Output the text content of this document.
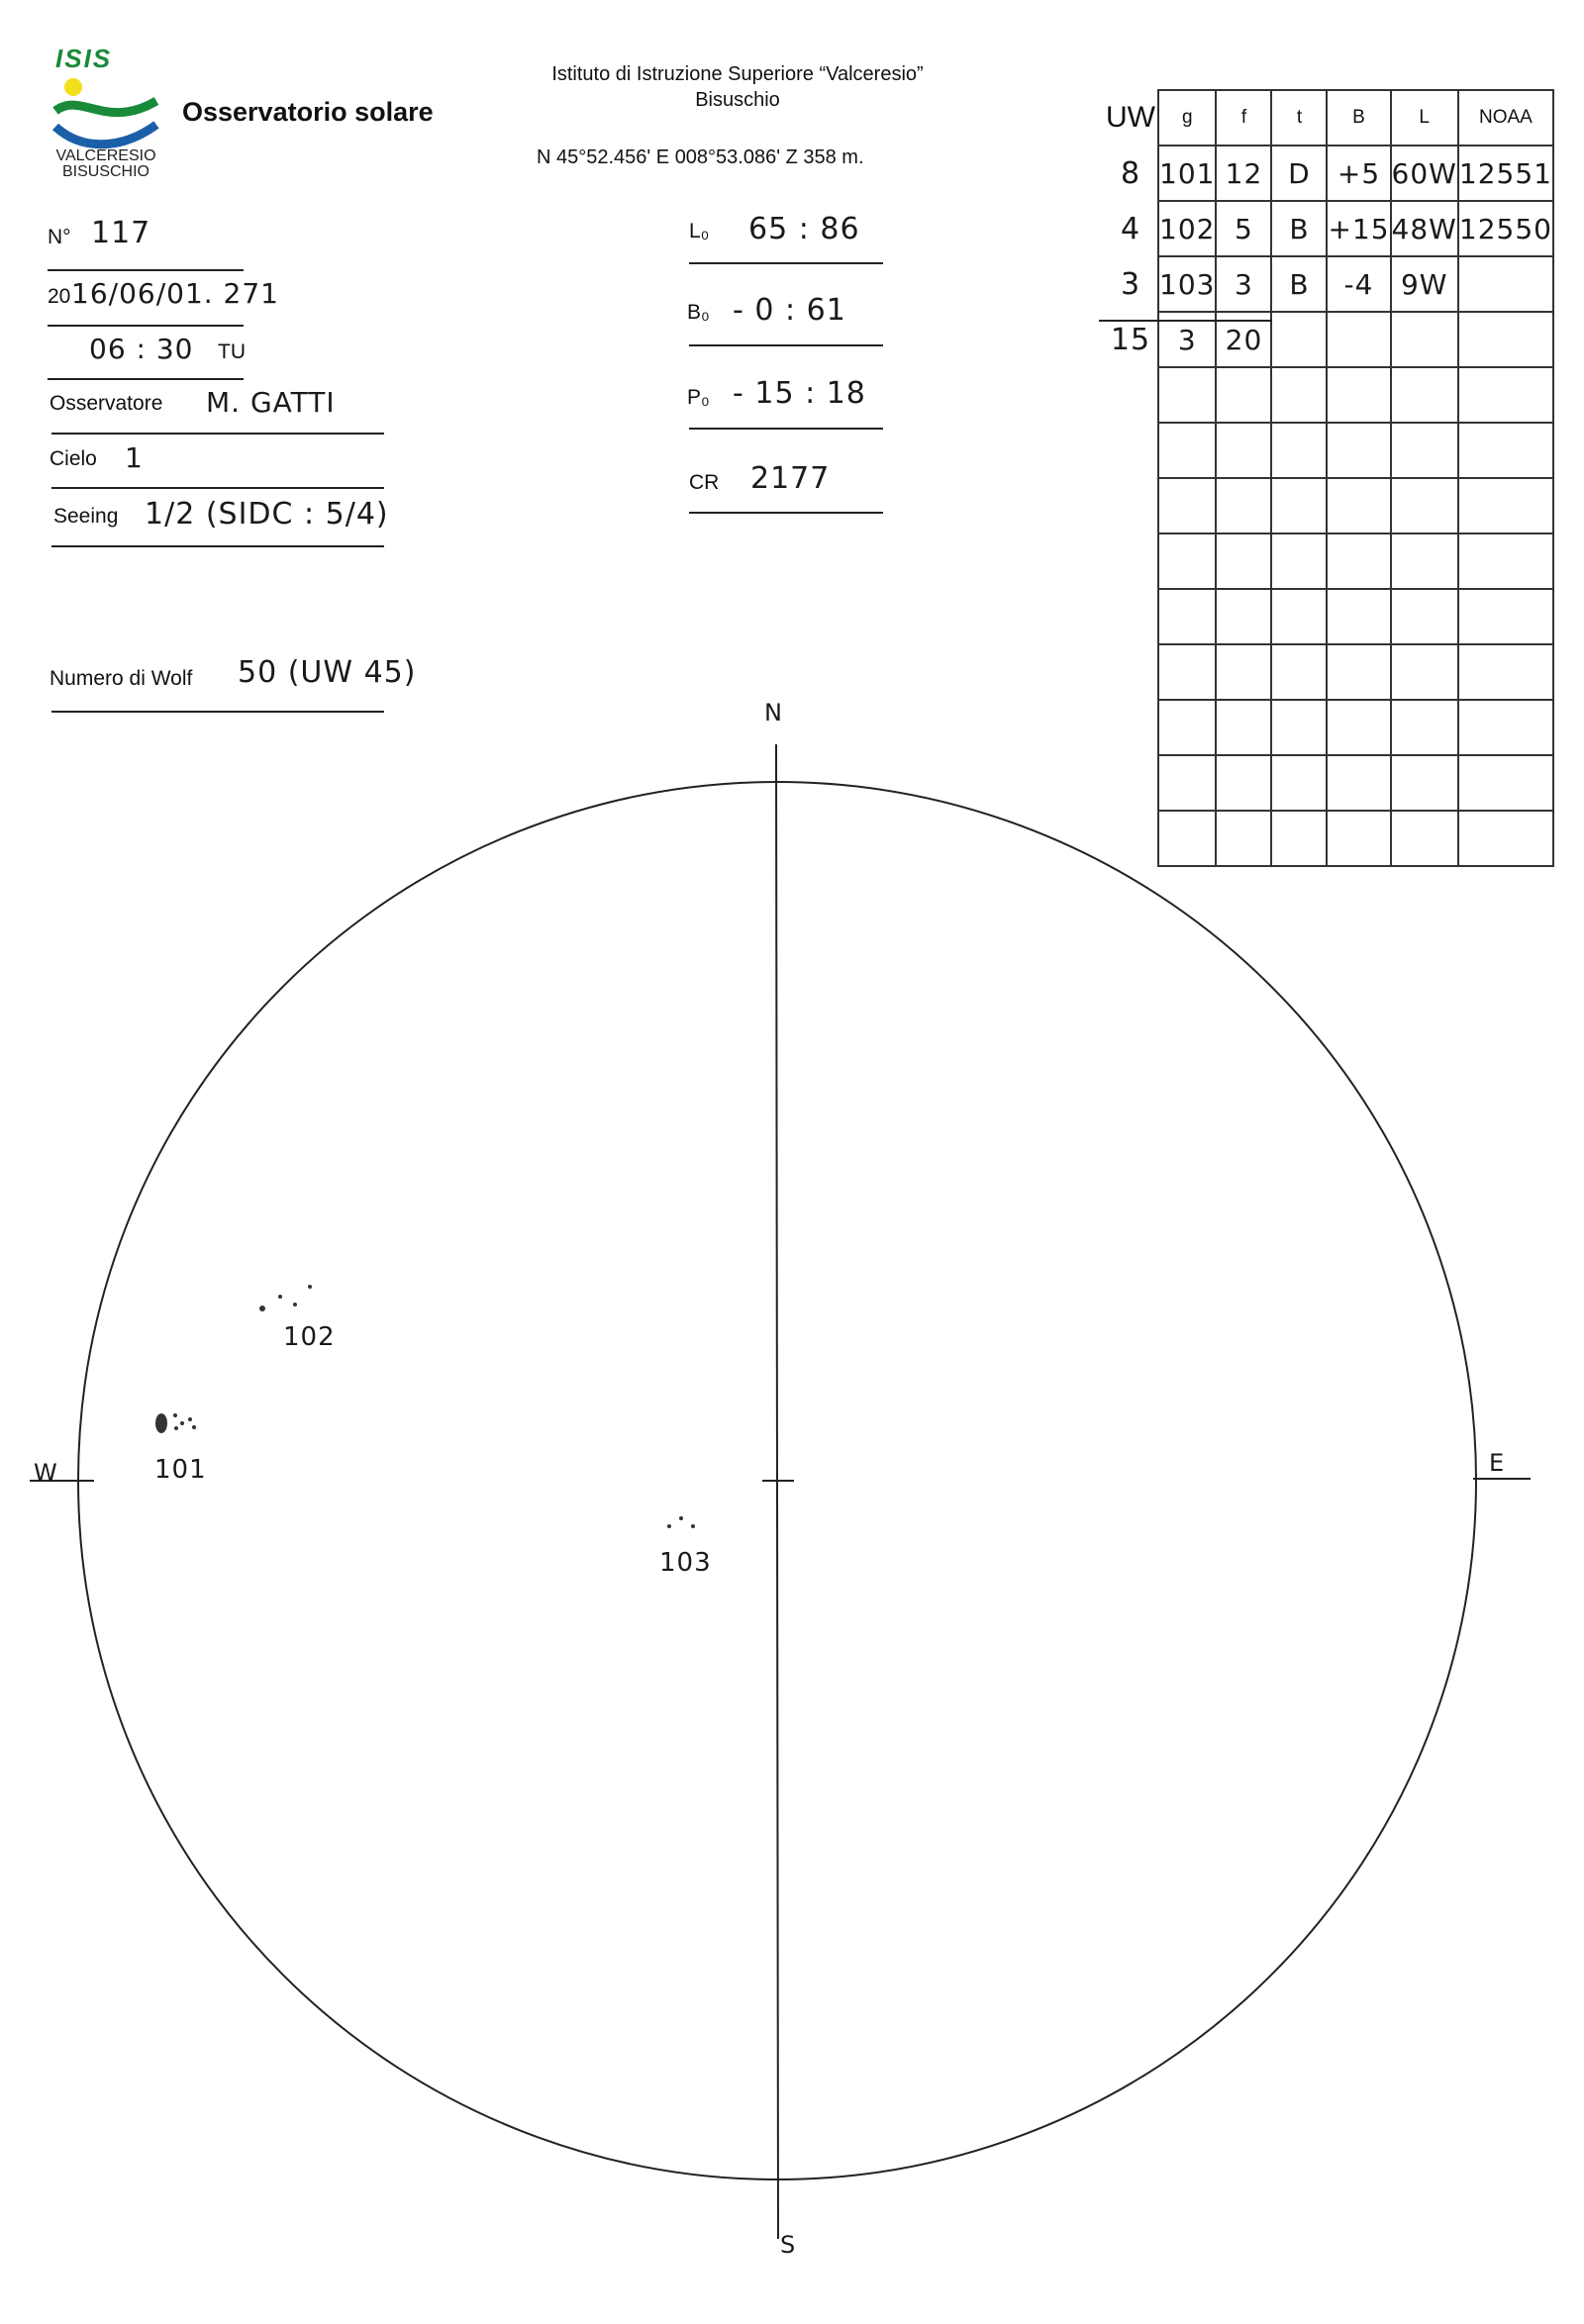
ISIS
VALCERESIO
BISUSCHIO
Osservatorio solare
Istituto di Istruzione Superiore “Valceresio”
Bisuschio
N 45°52.456' E 008°53.086' Z 358 m.
N° 117
20 16/06/01. 271
06 : 30 TU
Osservatore M. GATTI
Cielo 1
Seeing 1/2 (SIDC : 5/4)
Numero di Wolf 50 (UW 45)
L₀ 65 : 86
B₀ - 0 : 61
P₀ - 15 : 18
CR 2177
UW	g	f	t	B	L	NOAA
8	101	12	D	+5	60W	12551
4	102	5	B	+15	48W	12550
3	103	3	B	-4	9W	
15	3	20				

N
S
W	E
101
102
103
